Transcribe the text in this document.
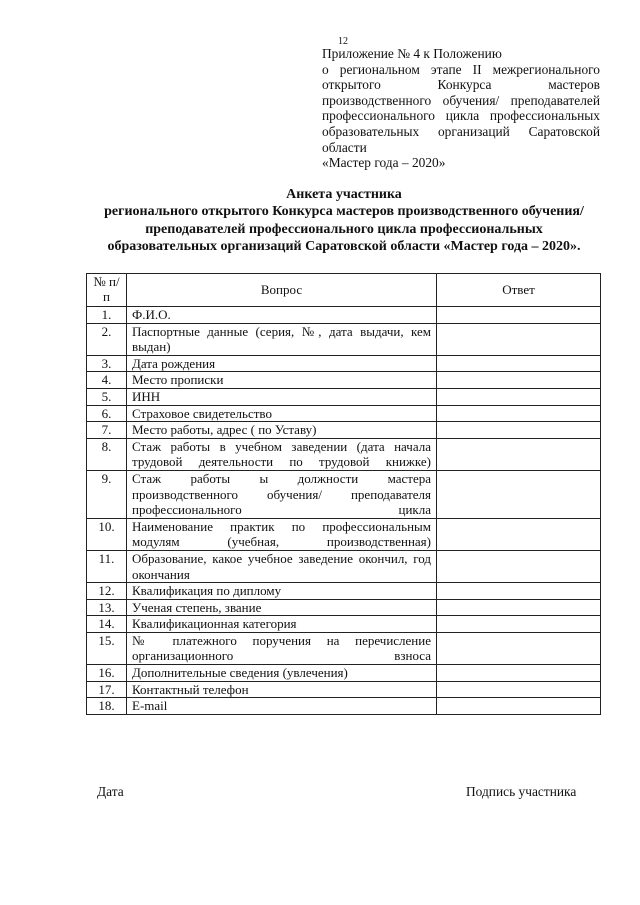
12
Приложение № 4 к Положению
о региональном этапе II межрегионального открытого Конкурса мастеров производственного обучения/ преподавателей профессионального цикла профессиональных образовательных организаций Саратовской области
«Мастер года – 2020»
Анкета участника
регионального открытого Конкурса мастеров производственного обучения/преподавателей профессионального цикла профессиональных образовательных организаций Саратовской области «Мастер года – 2020».
№ п/п	Вопрос	Ответ
1.	Ф.И.О.	
2.	Паспортные данные (серия, №, дата выдачи, кем выдан)	
3.	Дата рождения	
4.	Место прописки	
5.	ИНН	
6.	Страховое свидетельство	
7.	Место работы, адрес ( по Уставу)	
8.	Стаж работы в учебном заведении (дата начала трудовой деятельности по трудовой книжке)	
9.	Стаж работы ы должности мастера производственного обучения/ преподавателя профессионального цикла	
10.	Наименование практик по профессиональным модулям (учебная, производственная)	
11.	Образование, какое учебное заведение окончил, год окончания	
12.	Квалификация по диплому	
13.	Ученая степень, звание	
14.	Квалификационная категория	
15.	№ платежного поручения на перечисление организационного взноса	
16.	Дополнительные сведения (увлечения)	
17.	Контактный телефон	
18.	E-mail	
Дата	Подпись участника
